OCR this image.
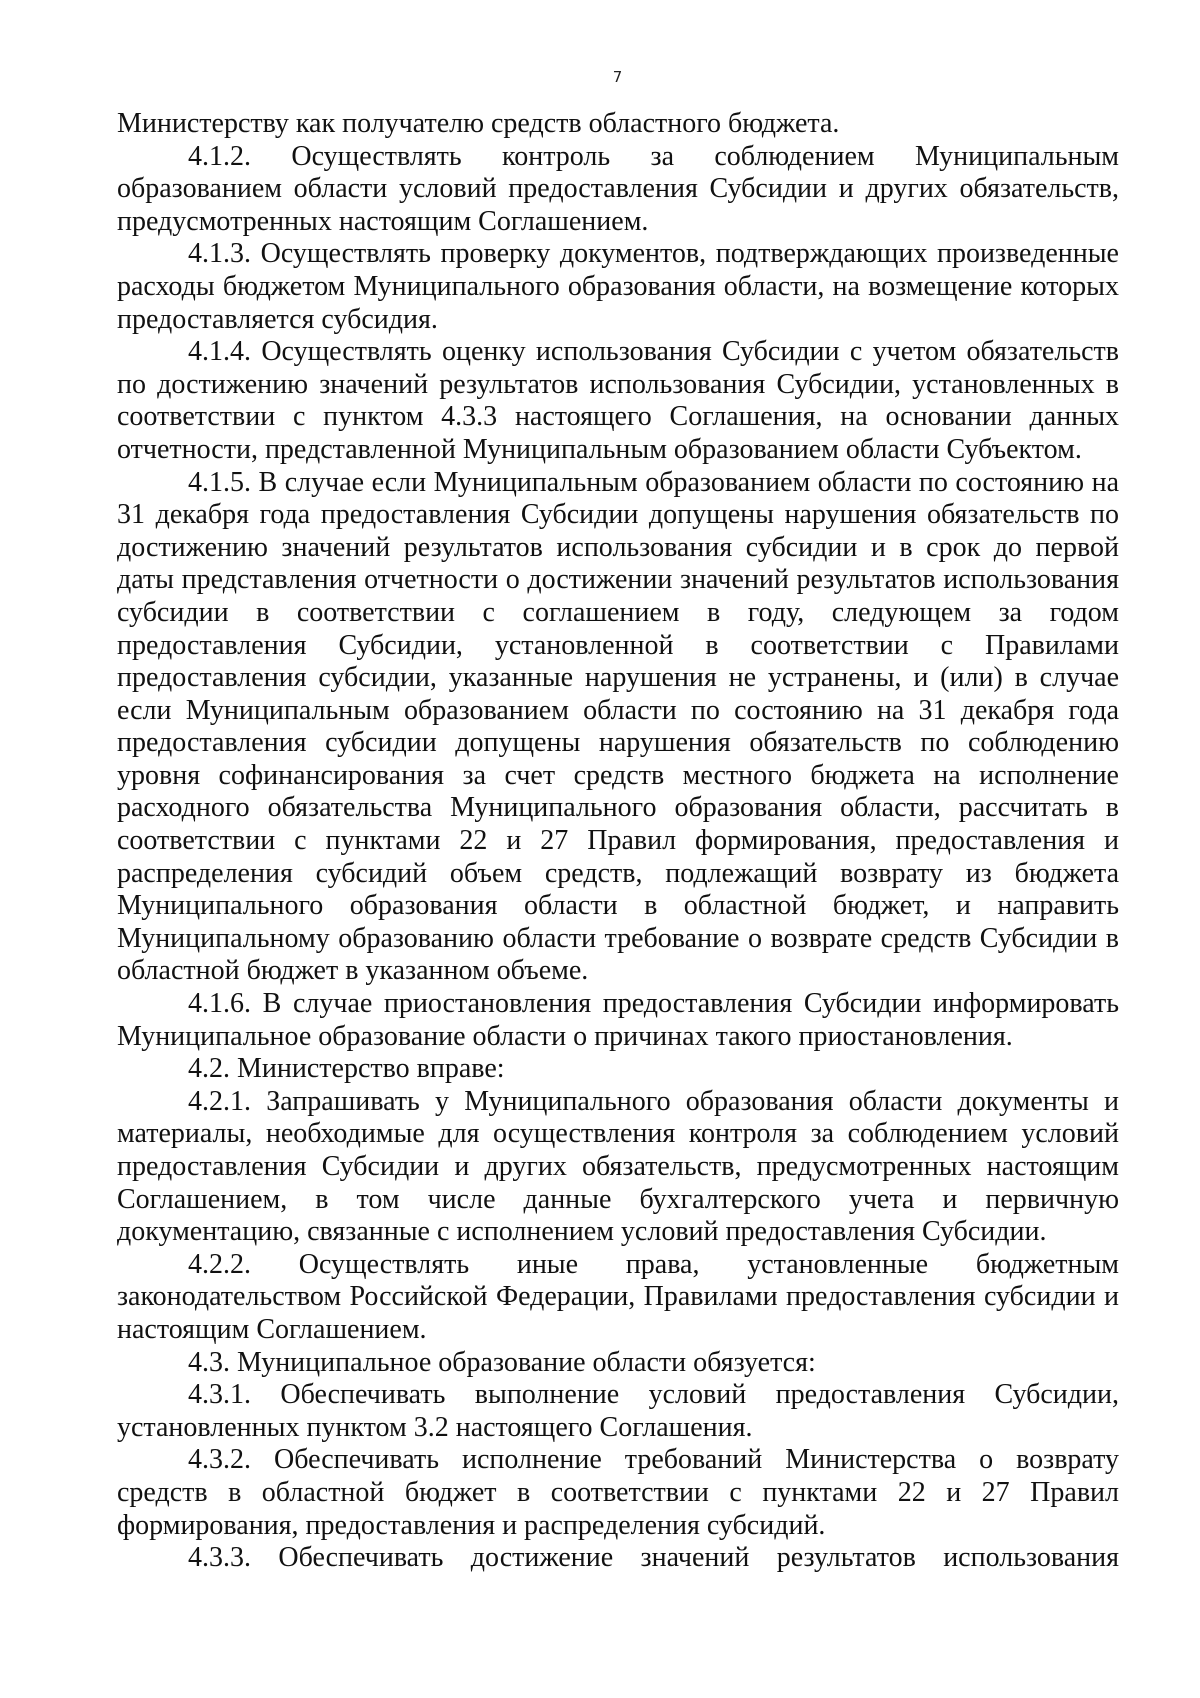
7

Министерству как получателю средств областного бюджета.

4.1.2. Осуществлять контроль за соблюдением Муниципальным образованием области условий предоставления Субсидии и других обязательств, предусмотренных настоящим Соглашением.

4.1.3. Осуществлять проверку документов, подтверждающих произведенные расходы бюджетом Муниципального образования области, на возмещение которых предоставляется субсидия.

4.1.4. Осуществлять оценку использования Субсидии с учетом обязательств по достижению значений результатов использования Субсидии, установленных в соответствии с пунктом 4.3.3 настоящего Соглашения, на основании данных отчетности, представленной Муниципальным образованием области Субъектом.

4.1.5. В случае если Муниципальным образованием области по состоянию на 31 декабря года предоставления Субсидии допущены нарушения обязательств по достижению значений результатов использования субсидии и в срок до первой даты представления отчетности о достижении значений результатов использования субсидии в соответствии с соглашением в году, следующем за годом предоставления Субсидии, установленной в соответствии с Правилами предоставления субсидии, указанные нарушения не устранены, и (или) в случае если Муниципальным образованием области по состоянию на 31 декабря года предоставления субсидии допущены нарушения обязательств по соблюдению уровня софинансирования за счет средств местного бюджета на исполнение расходного обязательства Муниципального образования области, рассчитать в соответствии с пунктами 22 и 27 Правил формирования, предоставления и распределения субсидий объем средств, подлежащий возврату из бюджета Муниципального образования области в областной бюджет, и направить Муниципальному образованию области требование о возврате средств Субсидии в областной бюджет в указанном объеме.

4.1.6. В случае приостановления предоставления Субсидии информировать Муниципальное образование области о причинах такого приостановления.

4.2. Министерство вправе:

4.2.1. Запрашивать у Муниципального образования области документы и материалы, необходимые для осуществления контроля за соблюдением условий предоставления Субсидии и других обязательств, предусмотренных настоящим Соглашением, в том числе данные бухгалтерского учета и первичную документацию, связанные с исполнением условий предоставления Субсидии.

4.2.2. Осуществлять иные права, установленные бюджетным законодательством Российской Федерации, Правилами предоставления субсидии и настоящим Соглашением.

4.3. Муниципальное образование области обязуется:

4.3.1. Обеспечивать выполнение условий предоставления Субсидии, установленных пунктом 3.2 настоящего Соглашения.

4.3.2. Обеспечивать исполнение требований Министерства о возврату средств в областной бюджет в соответствии с пунктами 22 и 27 Правил формирования, предоставления и распределения субсидий.

4.3.3. Обеспечивать достижение значений результатов использования
